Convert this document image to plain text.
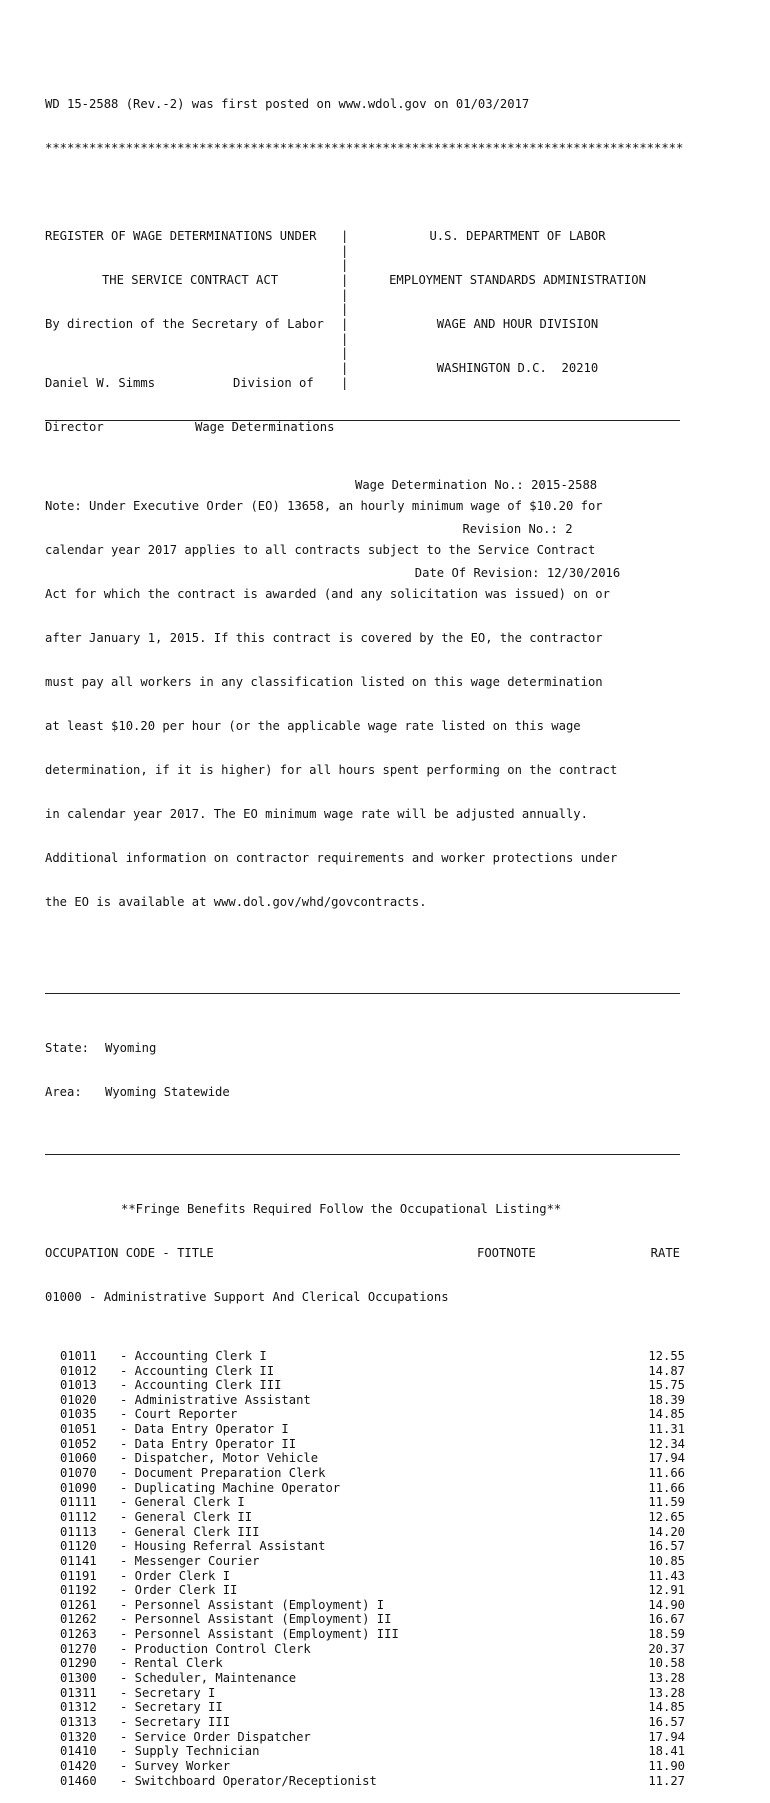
WD 15-2588 (Rev.-2) was first posted on www.wdol.gov on 01/03/2017

***************************************************************************************

REGISTER OF WAGE DETERMINATIONS UNDER

THE SERVICE CONTRACT ACT

By direction of the Secretary of Labor

|
|
|
|
|
|
|
|
|
|
|

U.S. DEPARTMENT OF LABOR

EMPLOYMENT STANDARDS ADMINISTRATION

WAGE AND HOUR DIVISION

WASHINGTON D.C.  20210

Wage Determination No.: 2015-2588

Revision No.: 2

Date Of Revision: 12/30/2016

Daniel W. Simms	Division of

Director	Wage Determinations

Note: Under Executive Order (EO) 13658, an hourly minimum wage of $10.20 for

calendar year 2017 applies to all contracts subject to the Service Contract

Act for which the contract is awarded (and any solicitation was issued) on or

after January 1, 2015. If this contract is covered by the EO, the contractor

must pay all workers in any classification listed on this wage determination

at least $10.20 per hour (or the applicable wage rate listed on this wage

determination, if it is higher) for all hours spent performing on the contract

in calendar year 2017. The EO minimum wage rate will be adjusted annually.

Additional information on contractor requirements and worker protections under

the EO is available at www.dol.gov/whd/govcontracts.

State:	Wyoming

Area:	Wyoming Statewide

**Fringe Benefits Required Follow the Occupational Listing**

OCCUPATION CODE - TITLE	FOOTNOTE	RATE

01000 - Administrative Support And Clerical Occupations

01011	- Accounting Clerk I	12.55
01012	- Accounting Clerk II	14.87
01013	- Accounting Clerk III	15.75
01020	- Administrative Assistant	18.39
01035	- Court Reporter	14.85
01051	- Data Entry Operator I	11.31
01052	- Data Entry Operator II	12.34
01060	- Dispatcher, Motor Vehicle	17.94
01070	- Document Preparation Clerk	11.66
01090	- Duplicating Machine Operator	11.66
01111	- General Clerk I	11.59
01112	- General Clerk II	12.65
01113	- General Clerk III	14.20
01120	- Housing Referral Assistant	16.57
01141	- Messenger Courier	10.85
01191	- Order Clerk I	11.43
01192	- Order Clerk II	12.91
01261	- Personnel Assistant (Employment) I	14.90
01262	- Personnel Assistant (Employment) II	16.67
01263	- Personnel Assistant (Employment) III	18.59
01270	- Production Control Clerk	20.37
01290	- Rental Clerk	10.58
01300	- Scheduler, Maintenance	13.28
01311	- Secretary I	13.28
01312	- Secretary II	14.85
01313	- Secretary III	16.57
01320	- Service Order Dispatcher	17.94
01410	- Supply Technician	18.41
01420	- Survey Worker	11.90
01460	- Switchboard Operator/Receptionist	11.27
